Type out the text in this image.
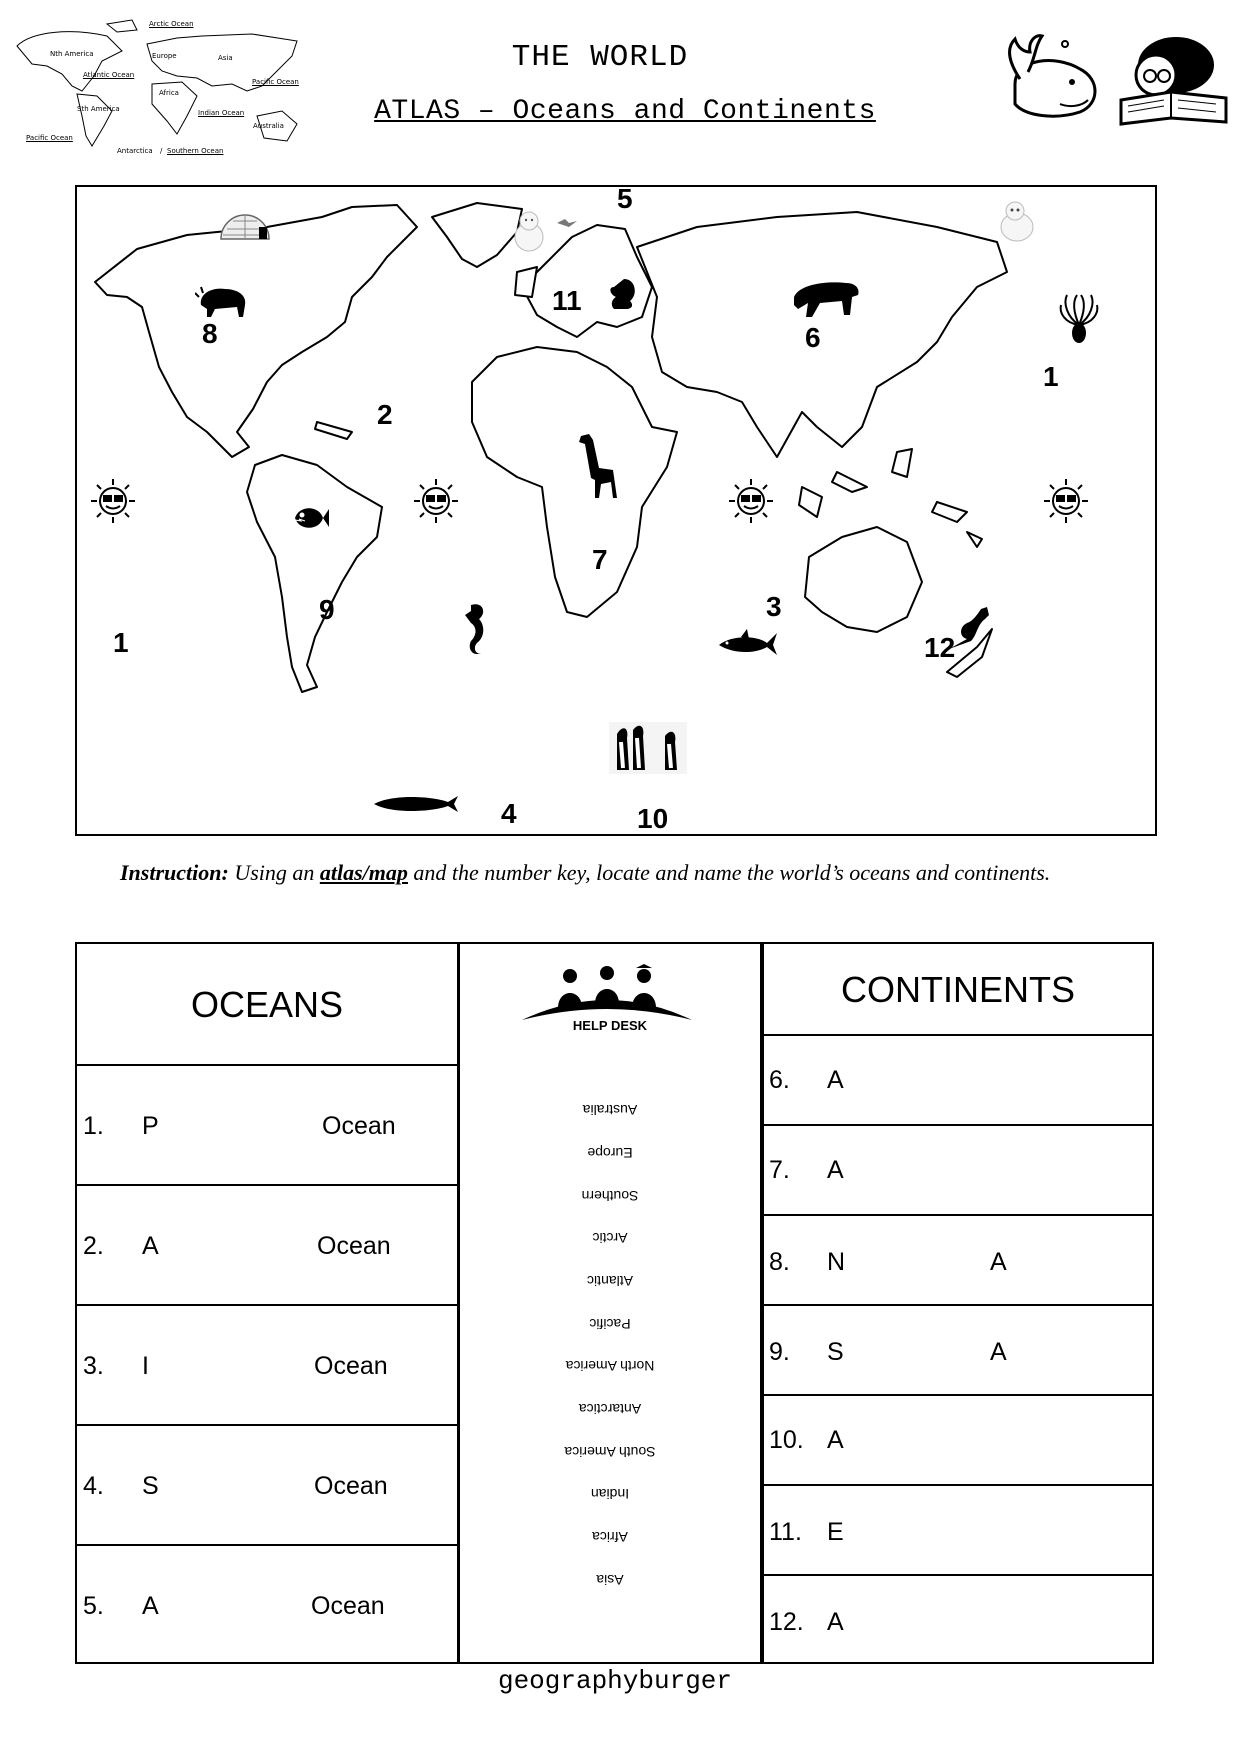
Arctic Ocean
Nth America	Europe	Asia
Atlantic Ocean
Pacific Ocean
Africa
Sth America	Indian Ocean
Australia
Pacific Ocean
Antarctica / Southern Ocean
THE WORLD
ATLAS – Oceans and Continents
5
11
6
8
1
2
7
3
9
1	12
4	10
Instruction: Using an atlas/map and the number key, locate and name the world’s oceans and continents.
OCEANS
1. P	Ocean
2. A	Ocean
3. I	Ocean
4. S	Ocean
5. A	Ocean
HELP DESK
Australia
Europe
Southern
Arctic
Atlantic
Pacific
North America
Antarctica
South America
Indian
Africa
Asia
CONTINENTS
6. A
7. A
8. N	A
9. S	A
10. A
11. E
12. A
geographyburger
